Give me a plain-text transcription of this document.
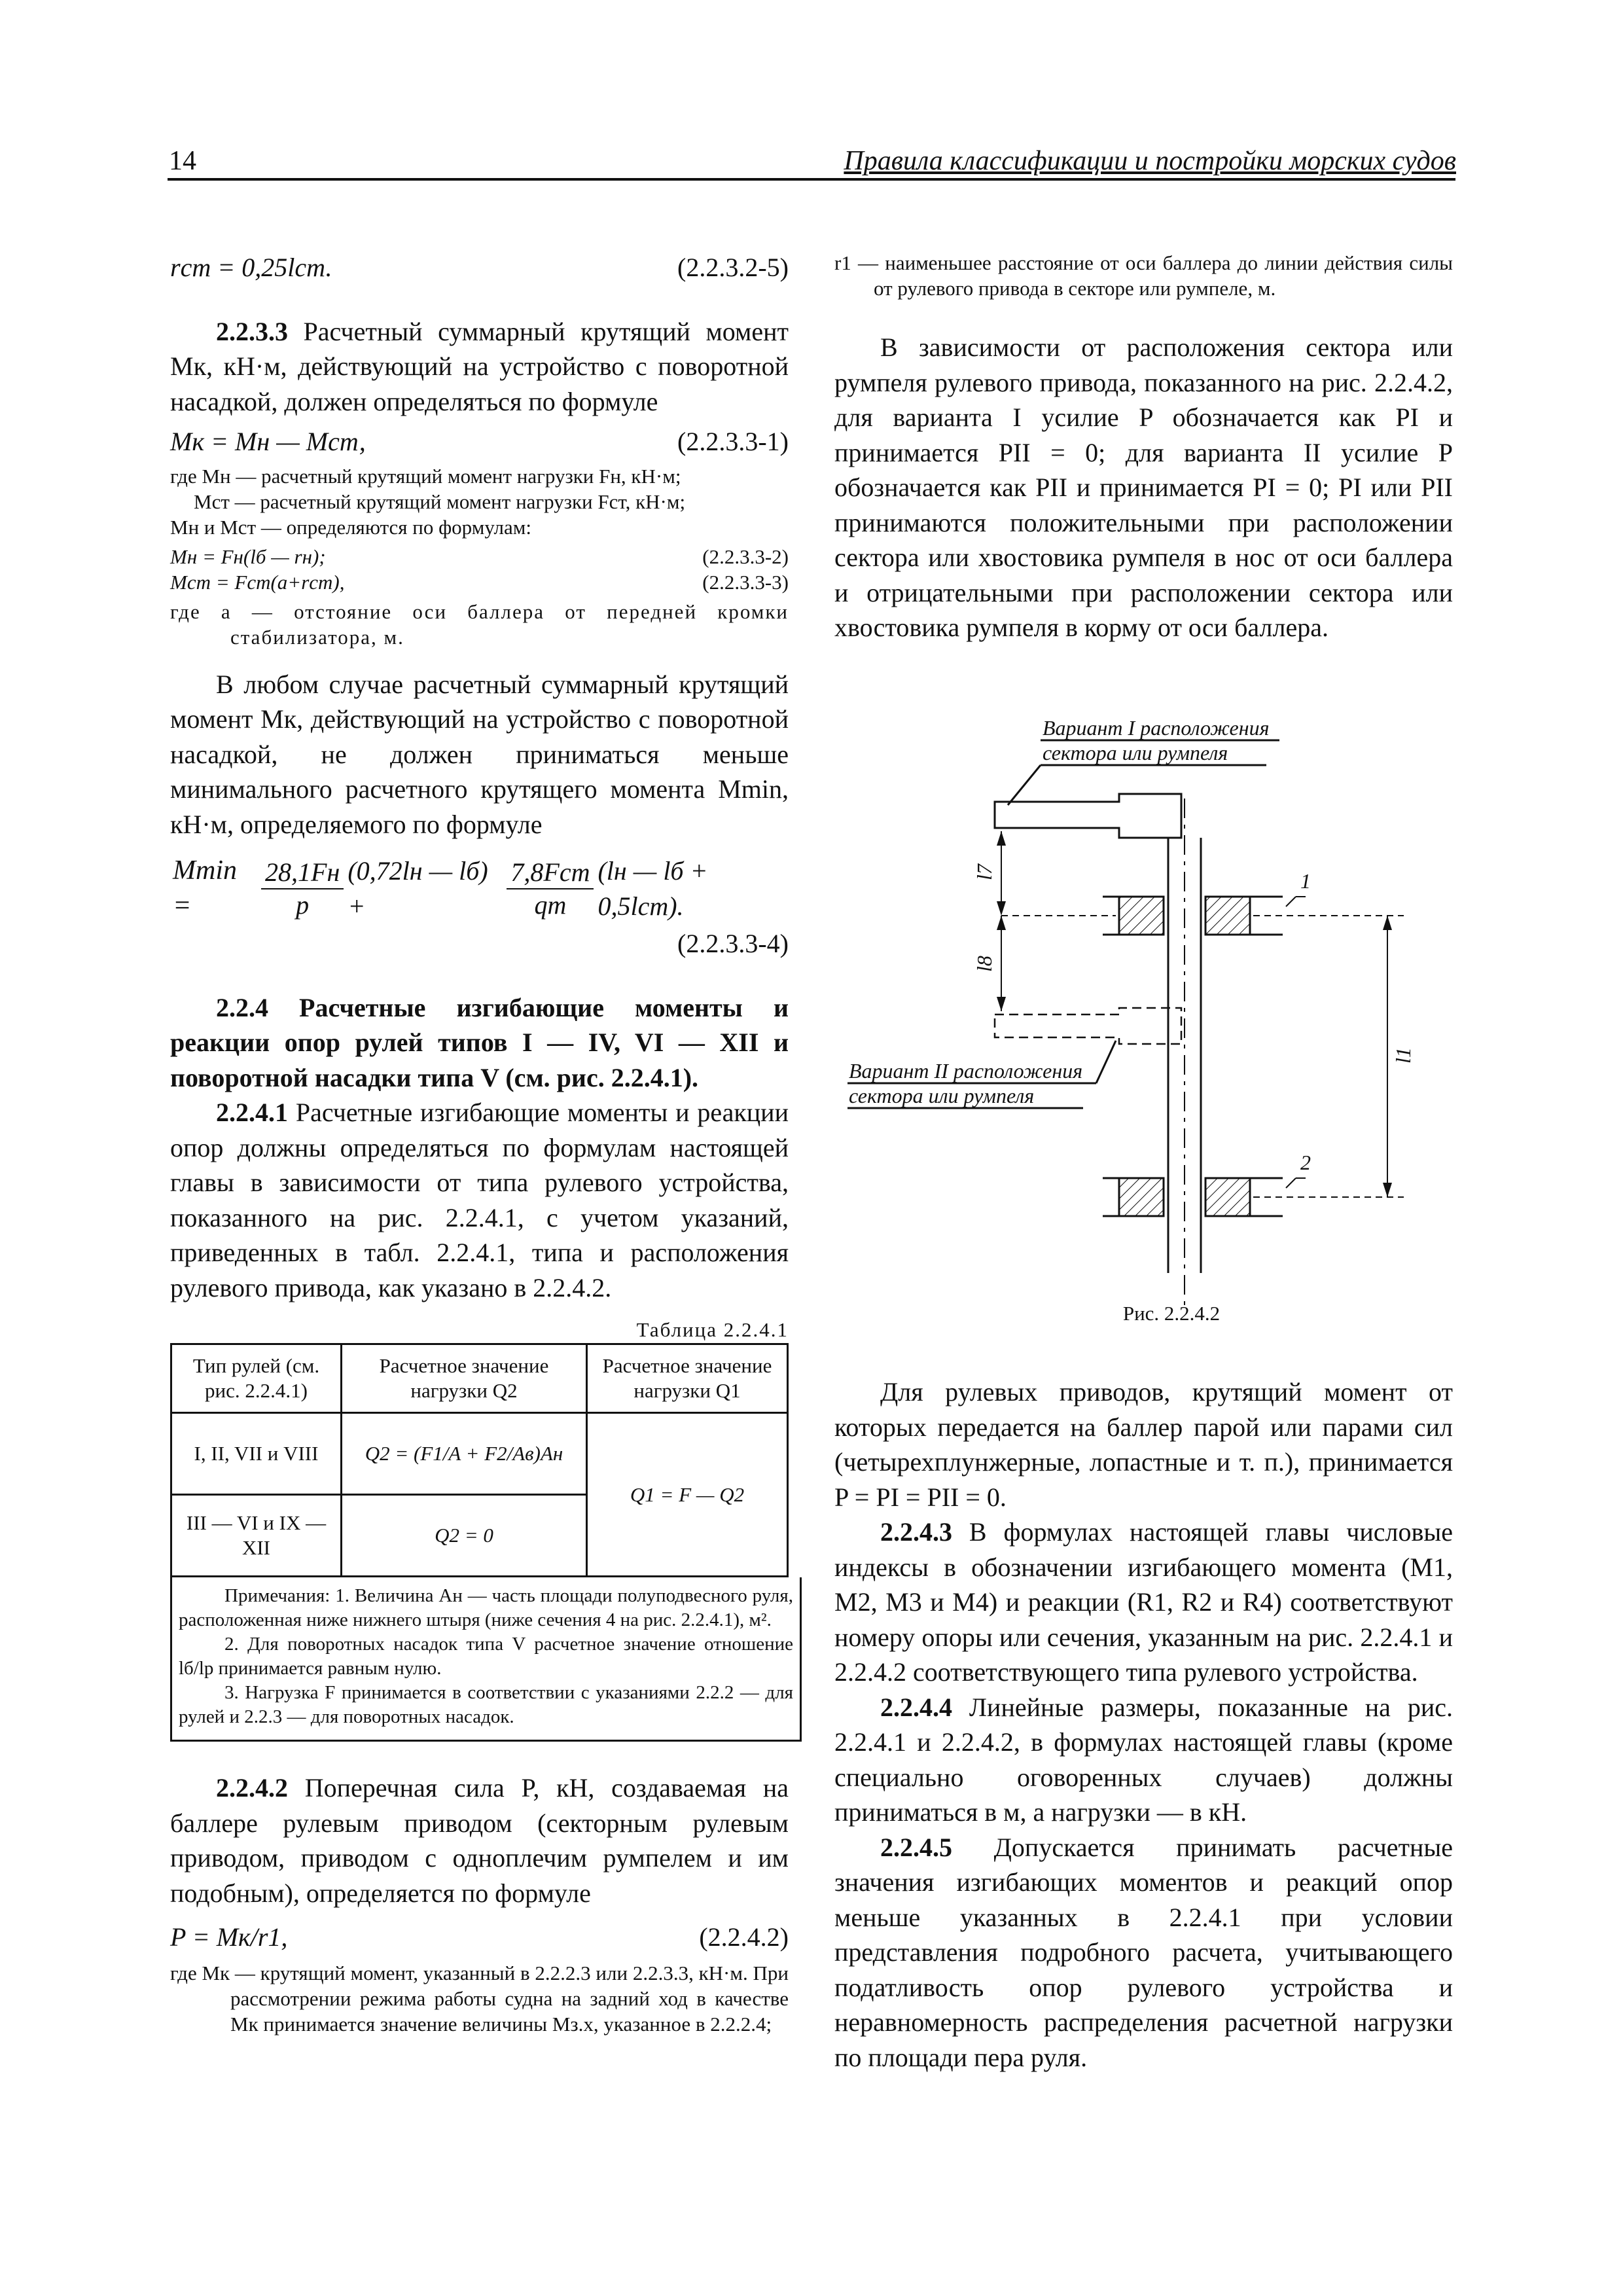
14	Правила классификации и постройки морских судов
rст = 0,25lст.	(2.2.3.2-5)

2.2.3.3 Расчетный суммарный крутящий момент Mк, кН·м, действующий на устройство с поворотной насадкой, должен определяться по формуле

Mк = Mн — Mст,	(2.2.3.3-1)

где Mн — расчетный крутящий момент нагрузки Fн, кН·м;

Mст — расчетный крутящий момент нагрузки Fст, кН·м;

Mн и Mст — определяются по формулам:

Mн = Fн(lб — rн);	(2.2.3.3-2)
Mст = Fст(a+rст),	(2.2.3.3-3)

где a — отстояние оси баллера от передней кромки стабилизатора, м.

В любом случае расчетный суммарный крутящий момент Mк, действующий на устройство с поворотной насадкой, не должен приниматься меньше минимального расчетного крутящего момента Mmin, кН·м, определяемого по формуле

Mmin =	$\frac{28,1Fн}{p} (0,72lн$ — lб) +	$\frac{\text{7,8Fст}}{qm} (lн$ — lб + 0,5lст).

(2.2.3.3-4)

2.2.4 Расчетные изгибающие моменты и реакции опор рулей типов I — IV, VI — XII и поворотной насадки типа V (см. рис. 2.2.4.1).

2.2.4.1 Расчетные изгибающие моменты и реакции опор должны определяться по формулам настоящей главы в зависимости от типа рулевого устройства, показанного на рис. 2.2.4.1, с учетом указаний, приведенных в табл. 2.2.4.1, типа и расположения рулевого привода, как указано в 2.2.4.2.

Таблица 2.2.4.1

Тип рулей (см. рис. 2.2.4.1)	Расчетное значение нагрузки Q2	Расчетное значение нагрузки Q1
I, II, VII и VIII	Q2 = (F1/A + F2/Aв)Aн	Q1 = F — Q2
III — VI и IX — XII	Q2 = 0	

Примечания: 1. Величина Aн — часть площади полуподвесного руля, расположенная ниже нижнего штыря (ниже сечения 4 на рис. 2.2.4.1), м².

2. Для поворотных насадок типа V расчетное значение отношение lб/lр принимается равным нулю.

3. Нагрузка F принимается в соответствии с указаниями 2.2.2 — для рулей и 2.2.3 — для поворотных насадок.

2.2.4.2 Поперечная сила P, кН, создаваемая на баллере рулевым приводом (секторным рулевым приводом, приводом с одноплечим румпелем и им подобным), определяется по формуле

P = Mк/r1,	(2.2.4.2)

где Mк — крутящий момент, указанный в 2.2.2.3 или 2.2.3.3, кН·м. При рассмотрении режима работы судна на задний ход в качестве Mк принимается значение величины Mз.х, указанное в 2.2.2.4;

r1 — наименьшее расстояние от оси баллера до линии действия силы от рулевого привода в секторе или румпеле, м.

В зависимости от расположения сектора или румпеля рулевого привода, показанного на рис. 2.2.4.2, для варианта I усилие P обозначается как PI и принимается PII = 0; для варианта II усилие P обозначается как PII и принимается PI = 0; PI или PII принимаются положительными при расположении сектора или хвостовика румпеля в нос от оси баллера и отрицательными при расположении сектора или хвостовика румпеля в корму от оси баллера.

Вариант I расположения
сектора или румпеля
Вариант II расположения
сектора или румпеля
l7
l8
l1
1
2
Рис. 2.2.4.2

Для рулевых приводов, крутящий момент от которых передается на баллер парой или парами сил (четырехплунжерные, лопастные и т. п.), принимается P = PI = PII = 0.

2.2.4.3 В формулах настоящей главы числовые индексы в обозначении изгибающего момента (M1, M2, M3 и M4) и реакции (R1, R2 и R4) соответствуют номеру опоры или сечения, указанным на рис. 2.2.4.1 и 2.2.4.2 соответствующего типа рулевого устройства.

2.2.4.4 Линейные размеры, показанные на рис. 2.2.4.1 и 2.2.4.2, в формулах настоящей главы (кроме специально оговоренных случаев) должны приниматься в м, а нагрузки — в кН.

2.2.4.5 Допускается принимать расчетные значения изгибающих моментов и реакций опор меньше указанных в 2.2.4.1 при условии представления подробного расчета, учитывающего податливость опор рулевого устройства и неравномерность распределения расчетной нагрузки по площади пера руля.
